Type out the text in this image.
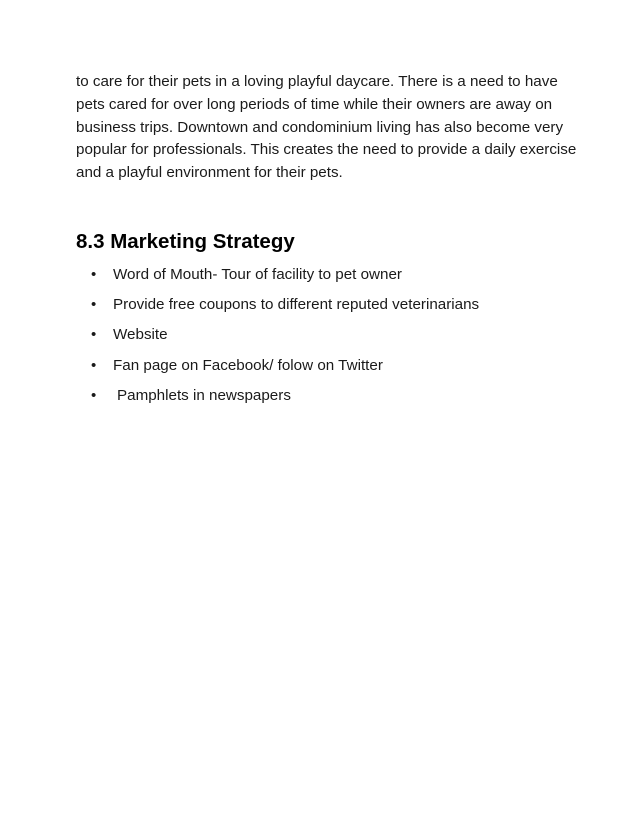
to care for their pets in a loving playful daycare. There is a need to have
pets cared for over long periods of time while their owners are away on
business trips. Downtown and condominium living has also become very
popular for professionals. This creates the need to provide a daily exercise
and a playful environment for their pets.

8.3 Marketing Strategy
• Word of Mouth- Tour of facility to pet owner
• Provide free coupons to different reputed veterinarians
• Website
• Fan page on Facebook/ folow on Twitter
• Pamphlets in newspapers
